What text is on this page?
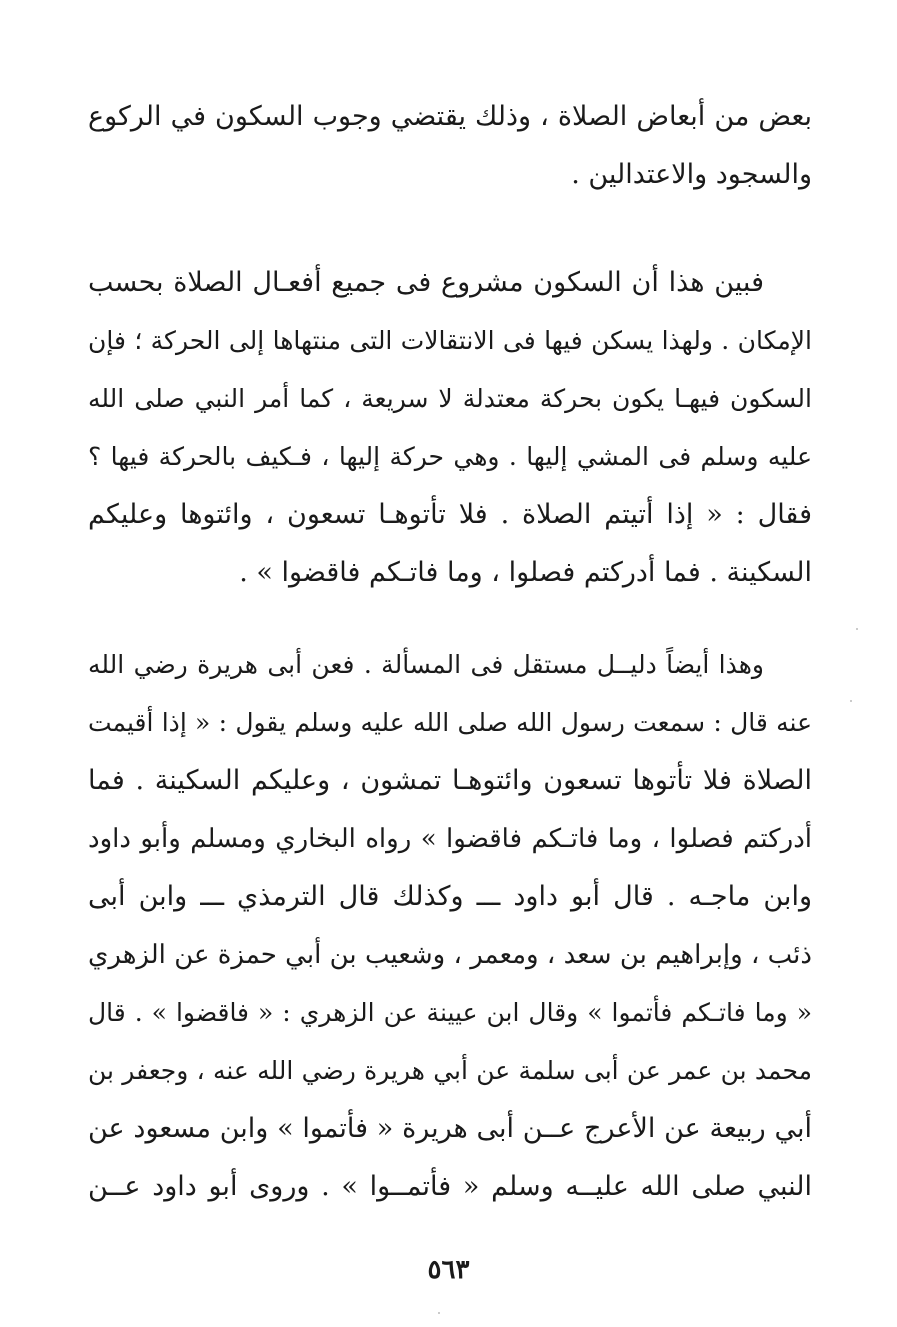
بعض من أبعاض الصلاة ، وذلك يقتضي وجوب السكون في الركوع
والسجود والاعتدالين .
فبين هذا أن السكون مشروع فى جميع أفعـال الصلاة بحسب
الإمكان . ولهذا يسكن فيها فى الانتقالات التى منتهاها إلى الحركة ؛ فإن
السكون فيهـا يكون بحركة معتدلة لا سريعة ، كما أمر النبي صلى الله
عليه وسلم فى المشي إليها . وهي حركة إليها ، فـكيف بالحركة فيها ؟
فقال : « إذا أتيتم الصلاة . فلا تأتوهـا تسعون ، وائتوها وعليكم
السكينة . فما أدركتم فصلوا ، وما فاتـكم فاقضوا » .
وهذا أيضاً دليــل مستقل فى المسألة . فعن أبى هريرة رضي الله
عنه قال : سمعت رسول الله صلى الله عليه وسلم يقول : « إذا أقيمت
الصلاة فلا تأتوها تسعون وائتوهـا تمشون ، وعليكم السكينة . فما
أدركتم فصلوا ، وما فاتـكم فاقضوا » رواه البخاري ومسلم وأبو داود
وابن ماجـه . قال أبو داود ـــ وكذلك قال الترمذي ـــ وابن أبى
ذئب ، وإبراهيم بن سعد ، ومعمر ، وشعيب بن أبي حمزة عن الزهري
« وما فاتـكم فأتموا » وقال ابن عيينة عن الزهري : « فاقضوا » . قال
محمد بن عمر عن أبى سلمة عن أبي هريرة رضي الله عنه ، وجعفر بن
أبي ربيعة عن الأعرج عــن أبى هريرة « فأتموا » وابن مسعود عن
النبي صلى الله عليــه وسلم « فأتمــوا » . وروى أبو داود عــن
٥٦٣
